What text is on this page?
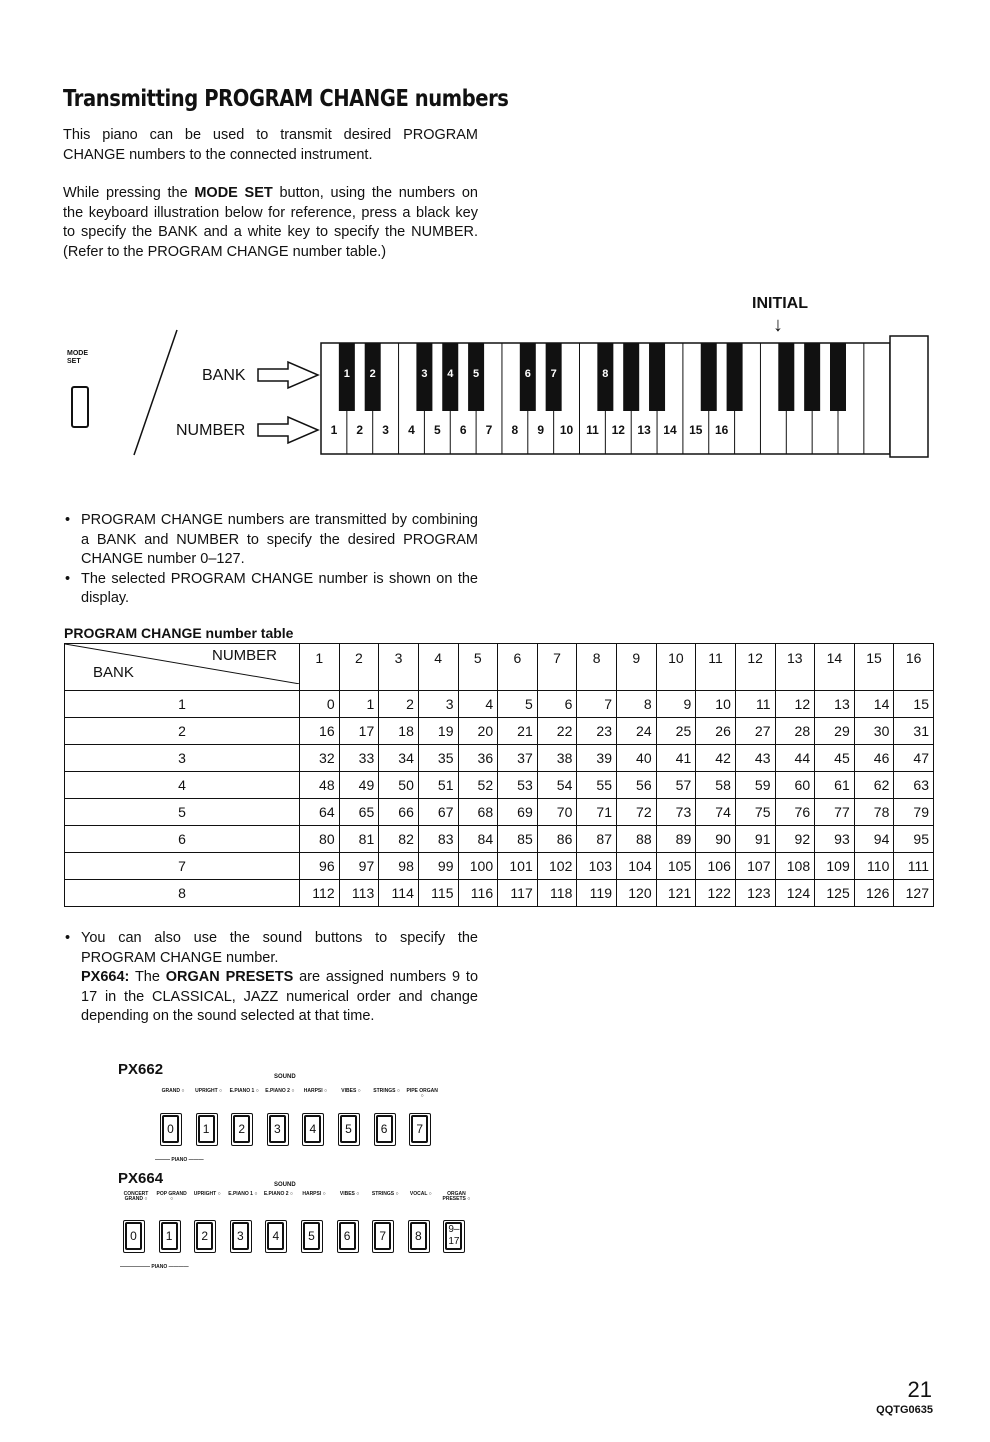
Transmitting PROGRAM CHANGE numbers

This piano can be used to transmit desired PROGRAM CHANGE numbers to the connected instrument.

While pressing the MODE SET button, using the numbers on the keyboard illustration below for reference, press a black key to specify the BANK and a white key to specify the NUMBER. (Refer to the PROGRAM CHANGE number table.)

INITIAL
↓
MODE
SET
BANK
NUMBER
1	2	3	4	5	6	7	8
1	2	3	4	5	6	7	8	9	10	11	12	13	14	15	16
• PROGRAM CHANGE numbers are transmitted by combining a BANK and NUMBER to specify the desired PROGRAM CHANGE number 0–127.
• The selected PROGRAM CHANGE number is shown on the display.
PROGRAM CHANGE number table
NUMBER
BANK	1	2	3	4	5	6	7	8	9	10	11	12	13	14	15	16
1	0	1	2	3	4	5	6	7	8	9	10	11	12	13	14	15
2	16	17	18	19	20	21	22	23	24	25	26	27	28	29	30	31
3	32	33	34	35	36	37	38	39	40	41	42	43	44	45	46	47
4	48	49	50	51	52	53	54	55	56	57	58	59	60	61	62	63
5	64	65	66	67	68	69	70	71	72	73	74	75	76	77	78	79
6	80	81	82	83	84	85	86	87	88	89	90	91	92	93	94	95
7	96	97	98	99	100	101	102	103	104	105	106	107	108	109	110	111
8	112	113	114	115	116	117	118	119	120	121	122	123	124	125	126	127
• You can also use the sound buttons to specify the PROGRAM CHANGE number.
PX664: The ORGAN PRESETS are assigned numbers 9 to 17 in the CLASSICAL, JAZZ numerical order and change depending on the sound selected at that time.
PX662	SOUND
GRAND ○
0
UPRIGHT ○
1
E.PIANO 1 ○
2
E.PIANO 2 ○
3
HARPSI ○
4
VIBES ○
5
STRINGS ○
6
PIPE ORGAN ○
7
——— PIANO ———
PX664	SOUND
CONCERT GRAND ○
0
POP GRAND ○
1
UPRIGHT ○
2
E.PIANO 1 ○
3
E.PIANO 2 ○
4
HARPSI ○
5
VIBES ○
6
STRINGS ○
7
VOCAL ○
8
ORGAN PRESETS ○
9–17
—————— PIANO ————
21
QQTG0635
